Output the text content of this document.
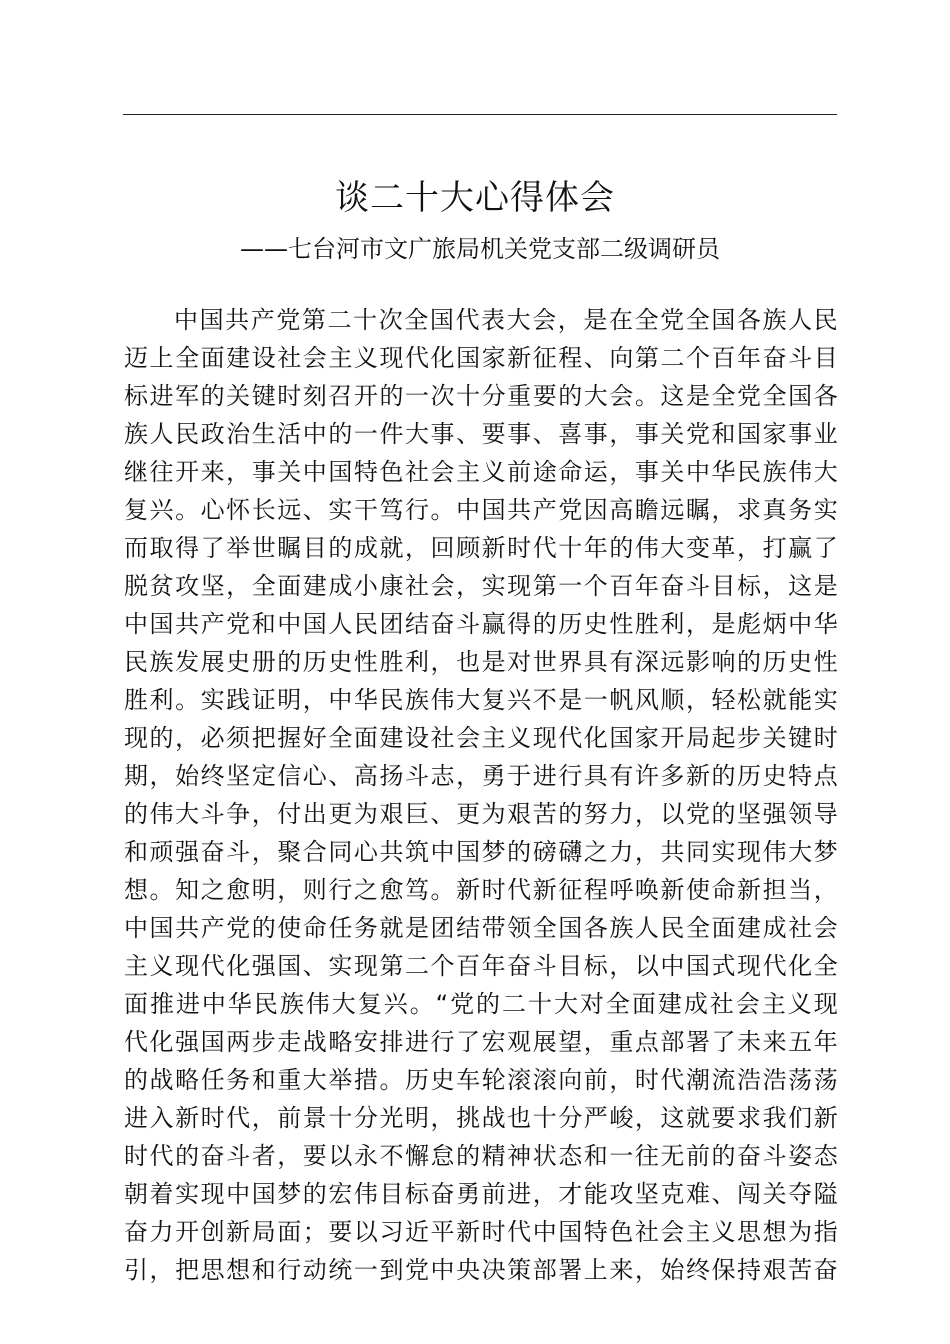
谈二十大心得体会
——七台河市文广旅局机关党支部二级调研员
中国共产党第二十次全国代表大会，是在全党全国各族人民
迈上全面建设社会主义现代化国家新征程、向第二个百年奋斗目
标进军的关键时刻召开的一次十分重要的大会。这是全党全国各
族人民政治生活中的一件大事、要事、喜事，事关党和国家事业
继往开来，事关中国特色社会主义前途命运，事关中华民族伟大
复兴。心怀长远、实干笃行。中国共产党因高瞻远瞩，求真务实
而取得了举世瞩目的成就，回顾新时代十年的伟大变革，打赢了
脱贫攻坚，全面建成小康社会，实现第一个百年奋斗目标，这是
中国共产党和中国人民团结奋斗赢得的历史性胜利，是彪炳中华
民族发展史册的历史性胜利，也是对世界具有深远影响的历史性
胜利。实践证明，中华民族伟大复兴不是一帆风顺，轻松就能实
现的，必须把握好全面建设社会主义现代化国家开局起步关键时
期，始终坚定信心、高扬斗志，勇于进行具有许多新的历史特点
的伟大斗争，付出更为艰巨、更为艰苦的努力，以党的坚强领导
和顽强奋斗，聚合同心共筑中国梦的磅礴之力，共同实现伟大梦
想。知之愈明，则行之愈笃。新时代新征程呼唤新使命新担当，
中国共产党的使命任务就是团结带领全国各族人民全面建成社会
主义现代化强国、实现第二个百年奋斗目标，以中国式现代化全
面推进中华民族伟大复兴。“党的二十大对全面建成社会主义现
代化强国两步走战略安排进行了宏观展望，重点部署了未来五年
的战略任务和重大举措。历史车轮滚滚向前，时代潮流浩浩荡荡
进入新时代，前景十分光明，挑战也十分严峻，这就要求我们新
时代的奋斗者，要以永不懈怠的精神状态和一往无前的奋斗姿态
朝着实现中国梦的宏伟目标奋勇前进，才能攻坚克难、闯关夺隘
奋力开创新局面；要以习近平新时代中国特色社会主义思想为指
引，把思想和行动统一到党中央决策部署上来，始终保持艰苦奋
